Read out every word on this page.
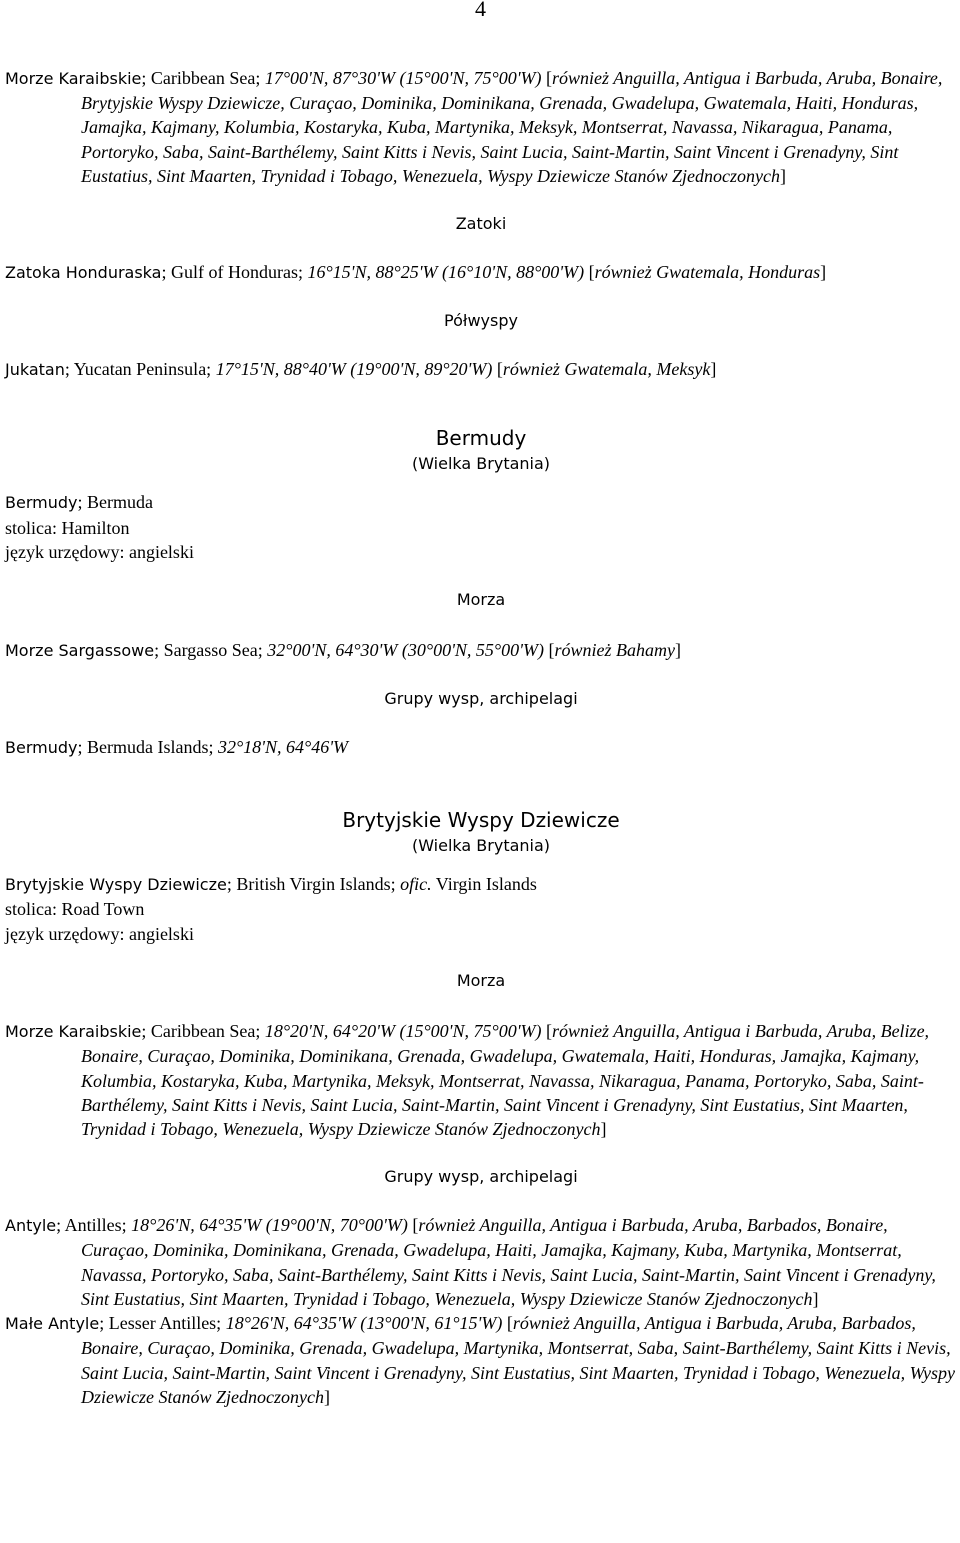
4

Morze Karaibskie; Caribbean Sea; 17°00'N, 87°30'W (15°00'N, 75°00'W) [również Anguilla, Antigua i Barbuda, Aruba, Bonaire, Brytyjskie Wyspy Dziewicze, Curaçao, Dominika, Dominikana, Grenada, Gwadelupa, Gwatemala, Haiti, Honduras, Jamajka, Kajmany, Kolumbia, Kostaryka, Kuba, Martynika, Meksyk, Montserrat, Navassa, Nikaragua, Panama, Portoryko, Saba, Saint-Barthélemy, Saint Kitts i Nevis, Saint Lucia, Saint-Martin, Saint Vincent i Grenadyny, Sint Eustatius, Sint Maarten, Trynidad i Tobago, Wenezuela, Wyspy Dziewicze Stanów Zjednoczonych]

Zatoki

Zatoka Honduraska; Gulf of Honduras; 16°15'N, 88°25'W (16°10'N, 88°00'W) [również Gwatemala, Honduras]

Półwyspy

Jukatan; Yucatan Peninsula; 17°15'N, 88°40'W (19°00'N, 89°20'W) [również Gwatemala, Meksyk]

Bermudy

(Wielka Brytania)

Bermudy; Bermuda

stolica: Hamilton

język urzędowy: angielski

Morza

Morze Sargassowe; Sargasso Sea; 32°00'N, 64°30'W (30°00'N, 55°00'W) [również Bahamy]

Grupy wysp, archipelagi

Bermudy; Bermuda Islands; 32°18'N, 64°46'W

Brytyjskie Wyspy Dziewicze

(Wielka Brytania)

Brytyjskie Wyspy Dziewicze; British Virgin Islands; ofic. Virgin Islands

stolica: Road Town

język urzędowy: angielski

Morza

Morze Karaibskie; Caribbean Sea; 18°20'N, 64°20'W (15°00'N, 75°00'W) [również Anguilla, Antigua i Barbuda, Aruba, Belize, Bonaire, Curaçao, Dominika, Dominikana, Grenada, Gwadelupa, Gwatemala, Haiti, Honduras, Jamajka, Kajmany, Kolumbia, Kostaryka, Kuba, Martynika, Meksyk, Montserrat, Navassa, Nikaragua, Panama, Portoryko, Saba, Saint-Barthélemy, Saint Kitts i Nevis, Saint Lucia, Saint-Martin, Saint Vincent i Grenadyny, Sint Eustatius, Sint Maarten, Trynidad i Tobago, Wenezuela, Wyspy Dziewicze Stanów Zjednoczonych]

Grupy wysp, archipelagi

Antyle; Antilles; 18°26'N, 64°35'W (19°00'N, 70°00'W) [również Anguilla, Antigua i Barbuda, Aruba, Barbados, Bonaire, Curaçao, Dominika, Dominikana, Grenada, Gwadelupa, Haiti, Jamajka, Kajmany, Kuba, Martynika, Montserrat, Navassa, Portoryko, Saba, Saint-Barthélemy, Saint Kitts i Nevis, Saint Lucia, Saint-Martin, Saint Vincent i Grenadyny, Sint Eustatius, Sint Maarten, Trynidad i Tobago, Wenezuela, Wyspy Dziewicze Stanów Zjednoczonych]

Małe Antyle; Lesser Antilles; 18°26'N, 64°35'W (13°00'N, 61°15'W) [również Anguilla, Antigua i Barbuda, Aruba, Barbados, Bonaire, Curaçao, Dominika, Grenada, Gwadelupa, Martynika, Montserrat, Saba, Saint-Barthélemy, Saint Kitts i Nevis, Saint Lucia, Saint-Martin, Saint Vincent i Grenadyny, Sint Eustatius, Sint Maarten, Trynidad i Tobago, Wenezuela, Wyspy Dziewicze Stanów Zjednoczonych]
